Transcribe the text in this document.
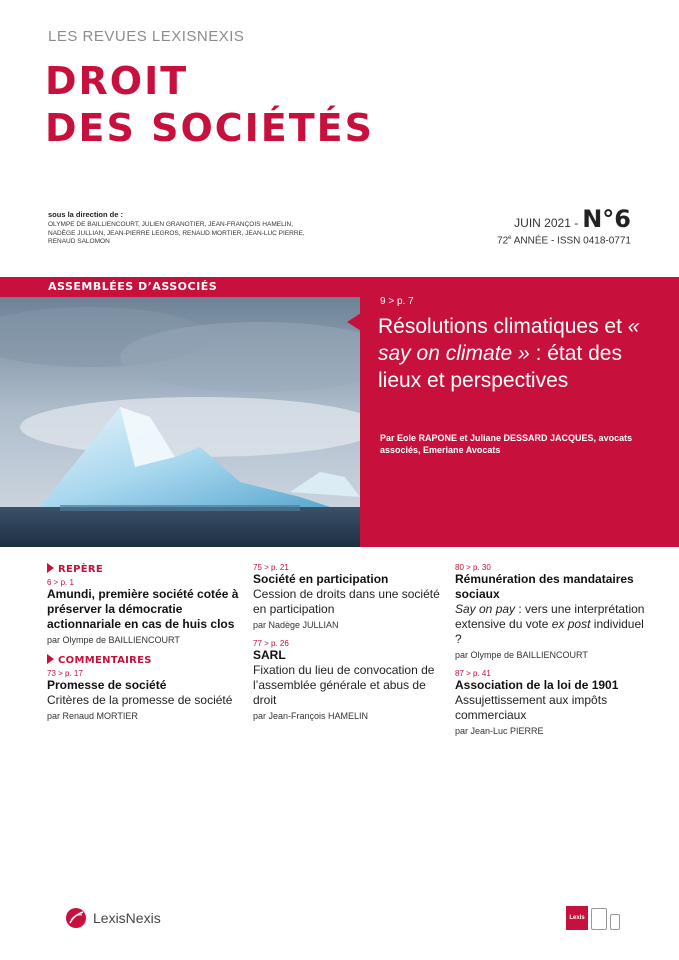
LES REVUES LEXISNEXIS
DROIT
DES SOCIÉTÉS
sous la direction de :
OLYMPE DE BAILLIENCOURT, JULIEN GRANOTIER, JEAN-FRANÇOIS HAMELIN, NADÈGE JULLIAN, JEAN-PIERRE LEGROS, RENAUD MORTIER, JEAN-LUC PIERRE, RENAUD SALOMON
JUIN 2021 - N°6
72e ANNÉE - ISSN 0418-0771
ASSEMBLÉES D’ASSOCIÉS
9 > p. 7
Résolutions climatiques et « say on climate » : état des lieux et perspectives
Par Eole RAPONE et Juliane DESSARD JACQUES, avocats associés, Emeriane Avocats
REPÈRE
6 > p. 1
Amundi, première société cotée à préserver la démocratie actionnariale en cas de huis clos
par Olympe de BAILLIENCOURT
COMMENTAIRES
73 > p. 17
Promesse de société
Critères de la promesse de société
par Renaud MORTIER
75 > p. 21
Société en participation
Cession de droits dans une société en participation
par Nadège JULLIAN
77 > p. 26
SARL
Fixation du lieu de convocation de l’assemblée générale et abus de droit
par Jean-François HAMELIN
80 > p. 30
Rémunération des mandataires sociaux
Say on pay : vers une interprétation extensive du vote ex post individuel ?
par Olympe de BAILLIENCOURT
87 > p. 41
Association de la loi de 1901
Assujettissement aux impôts commerciaux
par Jean-Luc PIERRE
LexisNexis	Lexis
